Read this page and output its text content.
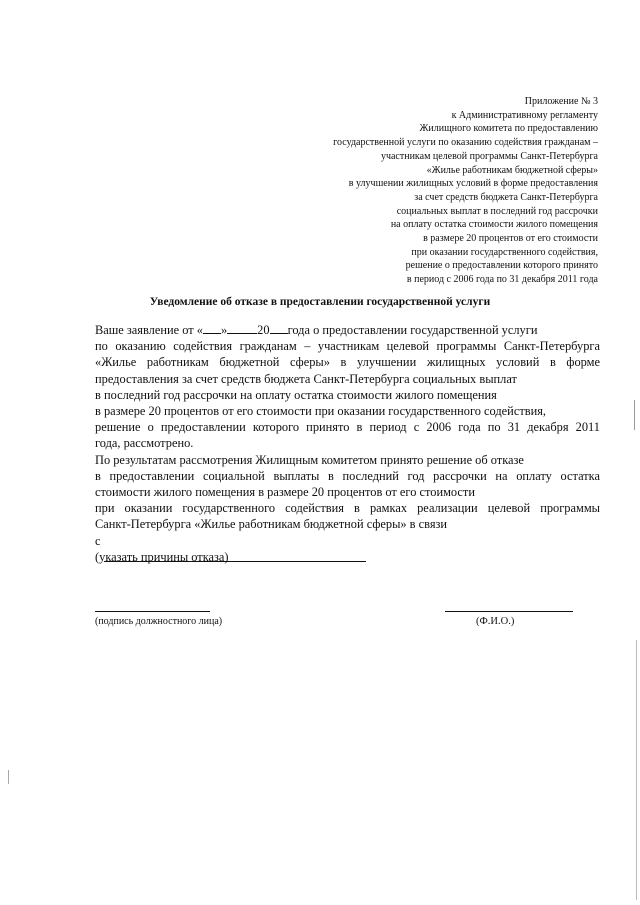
Приложение № 3
к Административному регламенту
Жилищного комитета по предоставлению
государственной услуги по оказанию содействия гражданам –
участникам целевой программы Санкт-Петербурга
«Жилье работникам бюджетной сферы»
в улучшении жилищных условий в форме предоставления
за счет средств бюджета Санкт-Петербурга
социальных выплат в последний год рассрочки
на оплату остатка стоимости жилого помещения
в размере 20 процентов от его стоимости
при оказании государственного содействия,
решение о предоставлении которого принято
в период с 2006 года по 31 декабря 2011 года
Уведомление об отказе в предоставлении государственной услуги
Ваше заявление от « » 20 года о предоставлении государственной услуги
по оказанию содействия гражданам – участникам целевой программы Санкт-Петербурга
«Жилье работникам бюджетной сферы» в улучшении жилищных условий в форме
предоставления за счет средств бюджета Санкт-Петербурга социальных выплат
в последний год рассрочки на оплату остатка стоимости жилого помещения
в размере 20 процентов от его стоимости при оказании государственного содействия,
решение о предоставлении которого принято в период с 2006 года по 31 декабря 2011
года, рассмотрено.
По результатам рассмотрения Жилищным комитетом принято решение об отказе
в предоставлении социальной выплаты в последний год рассрочки на оплату остатка
стоимости жилого помещения в размере 20 процентов от его стоимости
при оказании государственного содействия в рамках реализации целевой программы
Санкт-Петербурга «Жилье работникам бюджетной сферы» в связи
с
(указать причины отказа)
(подпись должностного лица)	(Ф.И.О.)
